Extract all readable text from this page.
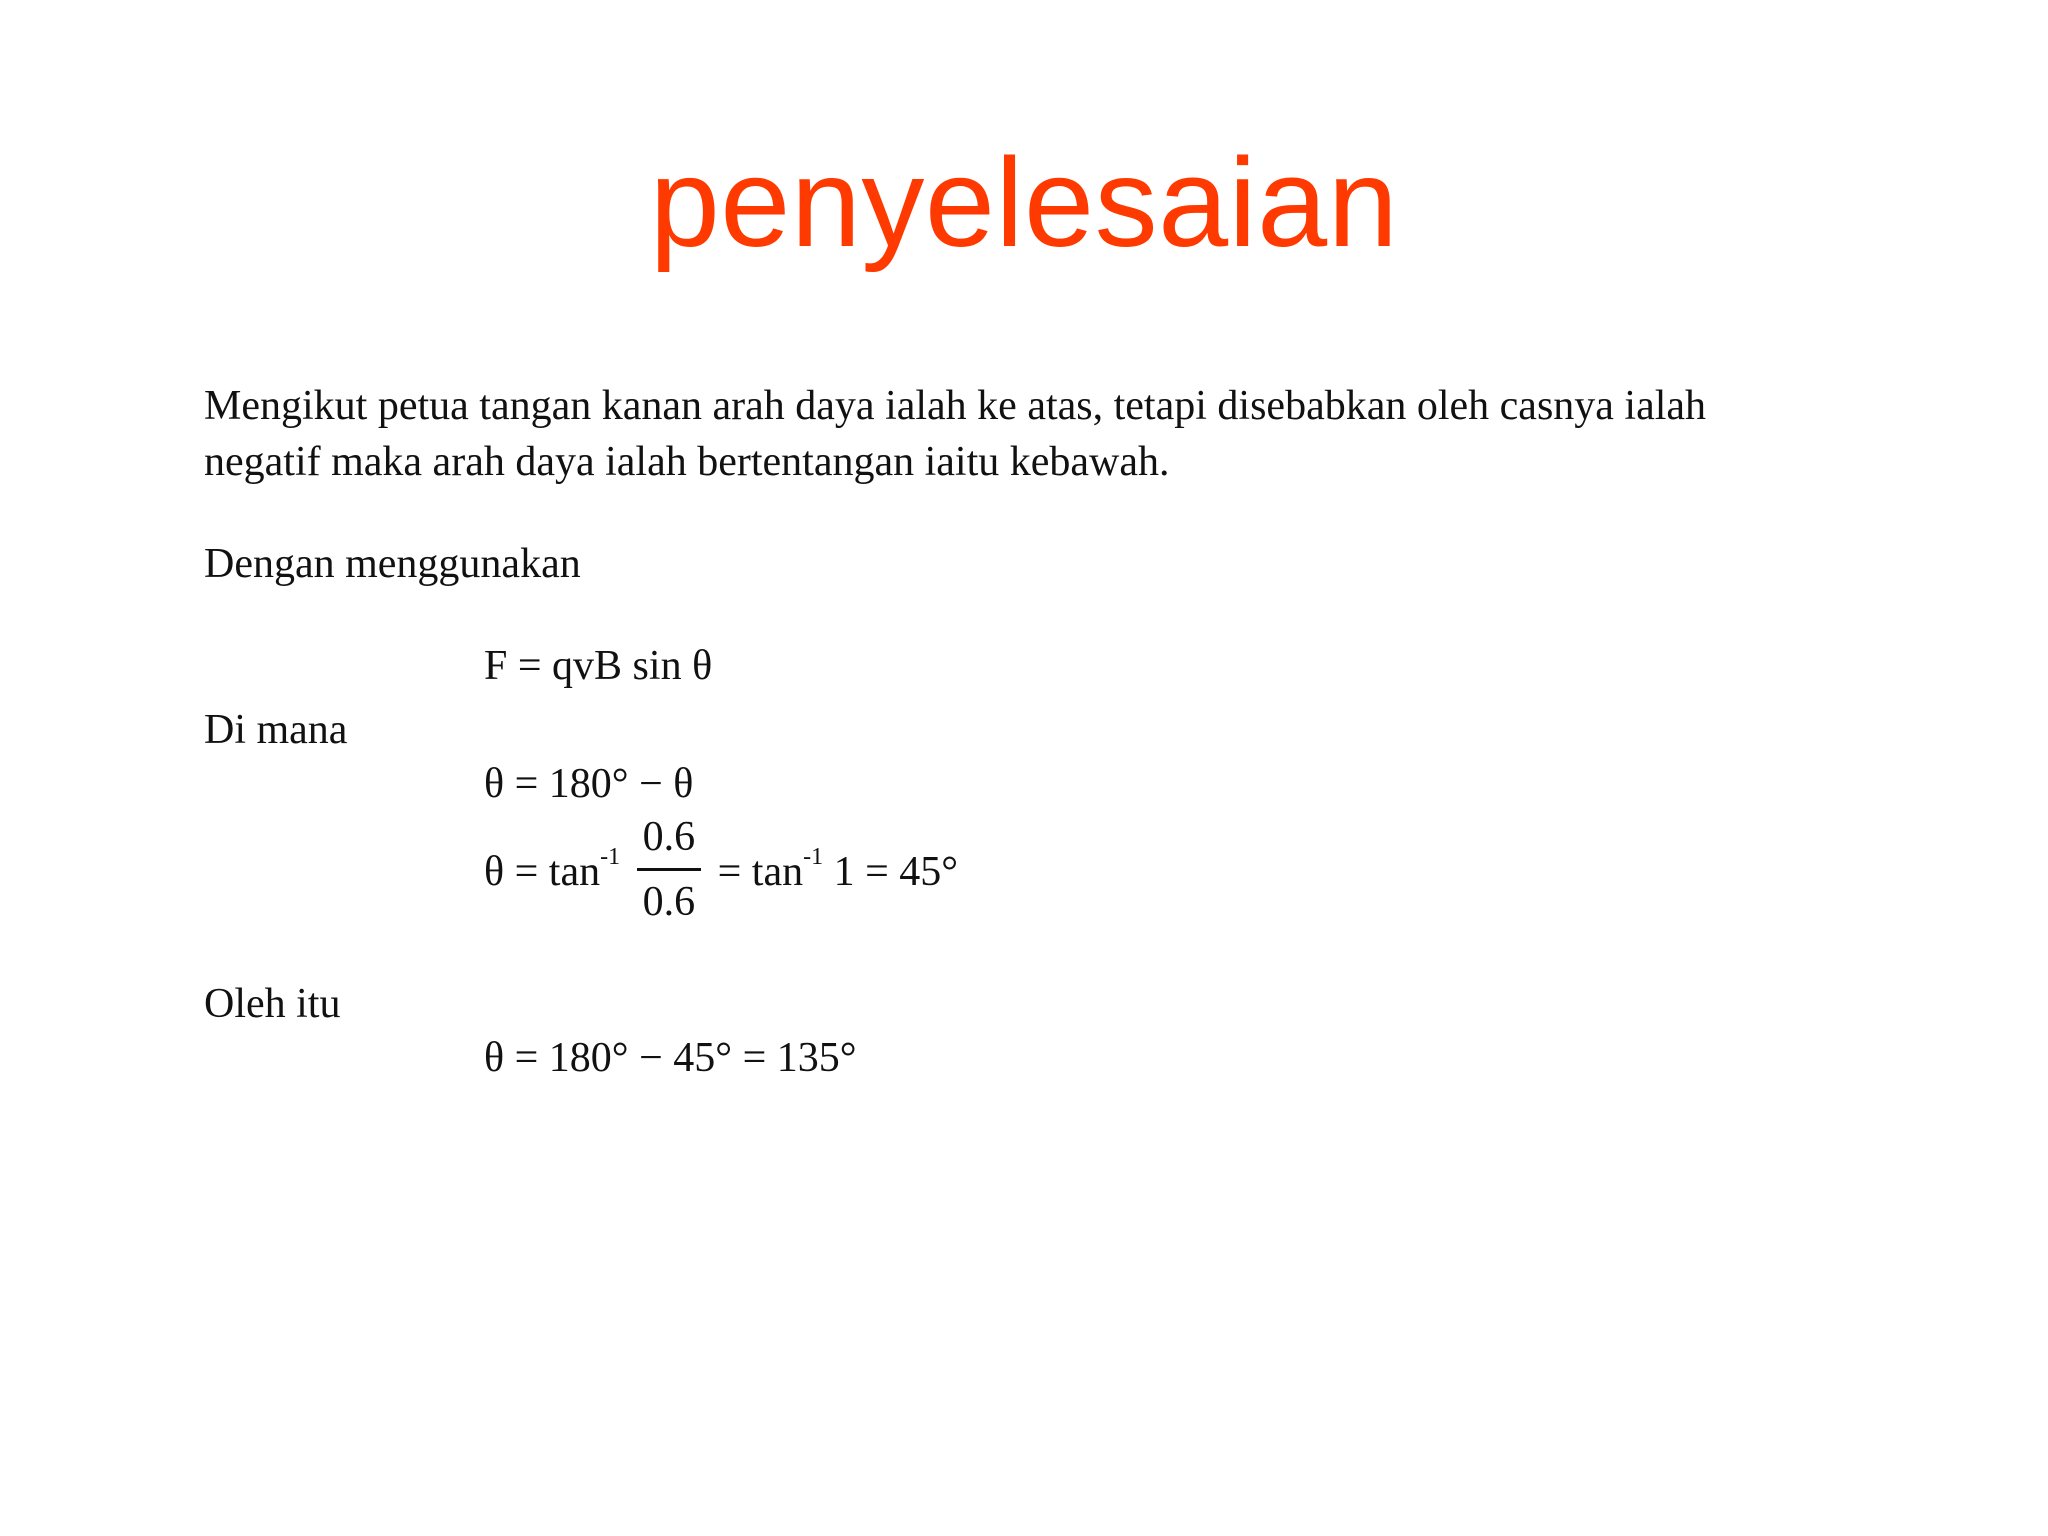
penyelesaian
Mengikut petua tangan kanan arah daya ialah ke atas, tetapi disebabkan oleh casnya ialah
negatif maka arah daya ialah bertentangan iaitu kebawah.
Dengan menggunakan
F = qvB sin θ
Di mana
θ = 180° − θ
$\theta = \tan^{-1} \frac{0.6}{0.6} = \tan^{-1} 1 = 45^\circ$
Oleh itu
θ = 180° − 45° = 135°
